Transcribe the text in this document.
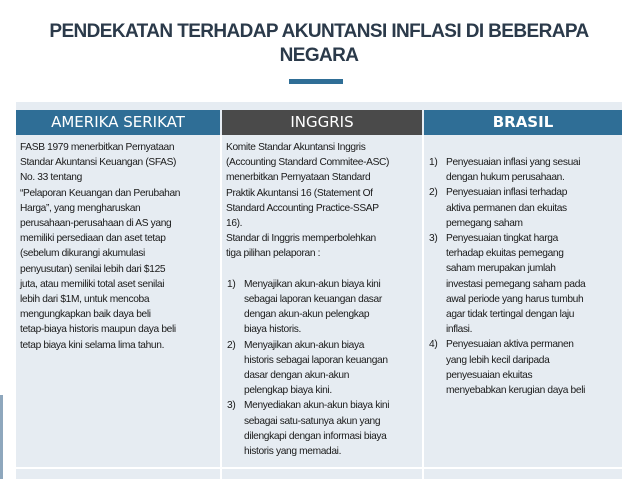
PENDEKATAN TERHADAP AKUNTANSI INFLASI DI BEBERAPA
NEGARA
AMERIKA SERIKAT	INGGRIS	BRASIL

FASB 1979 menerbitkan Pernyataan

Standar Akuntansi Keuangan (SFAS)

No. 33 tentang

“Pelaporan Keuangan dan Perubahan

Harga”, yang mengharuskan

perusahaan-perusahaan di AS yang

memiliki persediaan dan aset tetap

(sebelum dikurangi akumulasi

penyusutan) senilai lebih dari $125

juta, atau memiliki total aset senilai

lebih dari $1M, untuk mencoba

mengungkapkan baik daya beli

tetap-biaya historis maupun daya beli

tetap biaya kini selama lima tahun.

Komite Standar Akuntansi Inggris

(Accounting Standard Commitee-ASC)

menerbitkan Pernyataan Standard

Praktik Akuntansi 16 (Statement Of

Standard Accounting Practice-SSAP

16).

Standar di Inggris memperbolehkan

tiga pilihan pelaporan :

1) Menyajikan akun-akun biaya kini
sebagai laporan keuangan dasar
dengan akun-akun pelengkap
biaya historis.
2) Menyajikan akun-akun biaya
historis sebagai laporan keuangan
dasar dengan akun-akun
pelengkap biaya kini.
3) Menyediakan akun-akun biaya kini
sebagai satu-satunya akun yang
dilengkapi dengan informasi biaya
historis yang memadai.
1) Penyesuaian inflasi yang sesuai
dengan hukum perusahaan.
2) Penyesuaian inflasi terhadap
aktiva permanen dan ekuitas
pemegang saham
3) Penyesuaian tingkat harga
terhadap ekuitas pemegang
saham merupakan jumlah
investasi pemegang saham pada
awal periode yang harus tumbuh
agar tidak tertingal dengan laju
inflasi.
4) Penyesuaian aktiva permanen
yang lebih kecil daripada
penyesuaian ekuitas
menyebabkan kerugian daya beli
